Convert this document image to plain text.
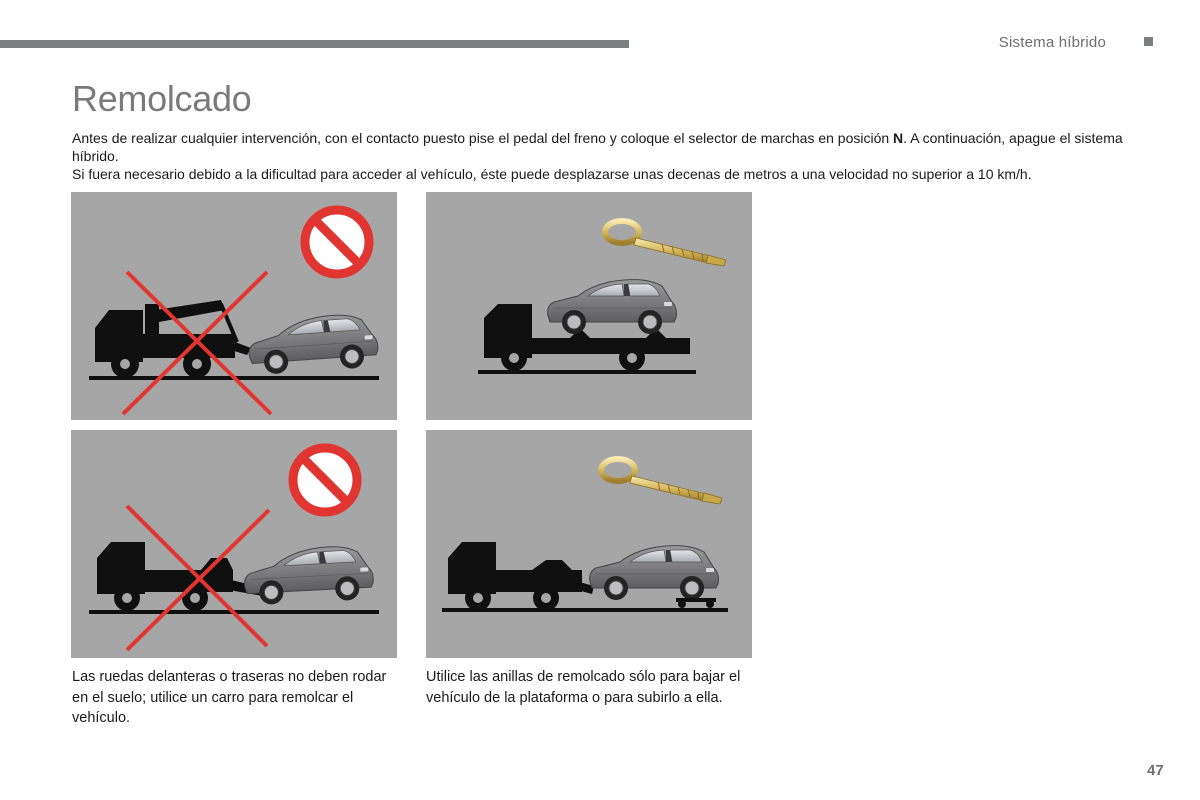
Sistema híbrido
Remolcado

Antes de realizar cualquier intervención, con el contacto puesto pise el pedal del freno y coloque el selector de marchas en posición N. A continuación, apague el sistema híbrido.

Si fuera necesario debido a la dificultad para acceder al vehículo, éste puede desplazarse unas decenas de metros a una velocidad no superior a 10 km/h.

Las ruedas delanteras o traseras no deben rodar en el suelo; utilice un carro para remolcar el vehículo.

Utilice las anillas de remolcado sólo para bajar el vehículo de la plataforma o para subirlo a ella.

47
